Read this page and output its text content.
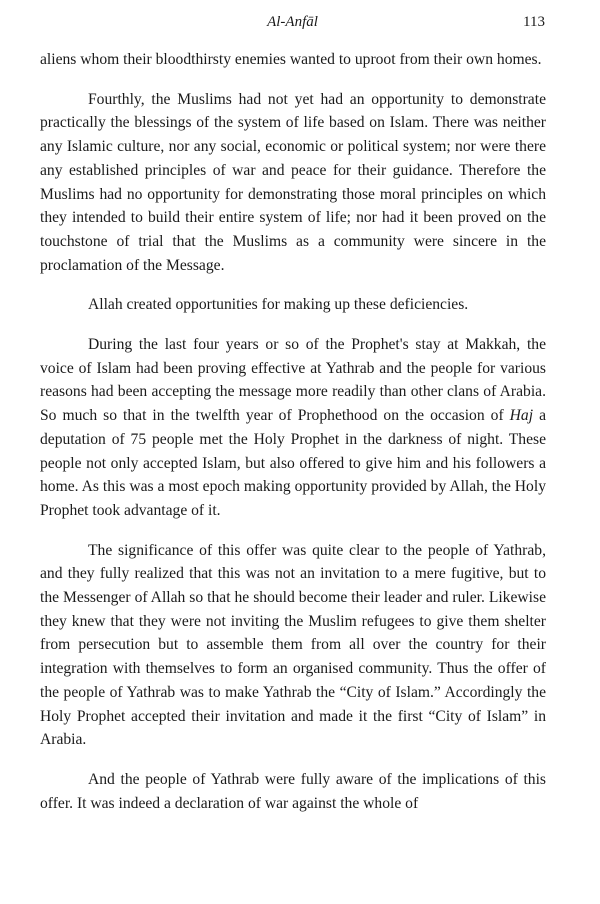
Al-Anfāl	113

aliens whom their bloodthirsty enemies wanted to uproot from their own homes.

Fourthly, the Muslims had not yet had an opportunity to demonstrate practically the blessings of the system of life based on Islam. There was neither any Islamic culture, nor any social, economic or political system; nor were there any established principles of war and peace for their guidance. Therefore the Muslims had no opportunity for demonstrating those moral principles on which they intended to build their entire system of life; nor had it been proved on the touchstone of trial that the Muslims as a community were sincere in the proclamation of the Message.

Allah created opportunities for making up these deficiencies.

During the last four years or so of the Prophet's stay at Makkah, the voice of Islam had been proving effective at Yathrab and the people for various reasons had been accepting the message more readily than other clans of Arabia. So much so that in the twelfth year of Prophethood on the occasion of Haj a deputation of 75 people met the Holy Prophet in the darkness of night. These people not only accepted Islam, but also offered to give him and his followers a home. As this was a most epoch making opportunity provided by Allah, the Holy Prophet took advantage of it.

The significance of this offer was quite clear to the people of Yathrab, and they fully realized that this was not an invitation to a mere fugitive, but to the Messenger of Allah so that he should become their leader and ruler. Likewise they knew that they were not inviting the Muslim refugees to give them shelter from persecution but to assemble them from all over the country for their integration with themselves to form an organised community. Thus the offer of the people of Yathrab was to make Yathrab the “City of Islam.” Accordingly the Holy Prophet accepted their invitation and made it the first “City of Islam” in Arabia.

And the people of Yathrab were fully aware of the implications of this offer. It was indeed a declaration of war against the whole of
